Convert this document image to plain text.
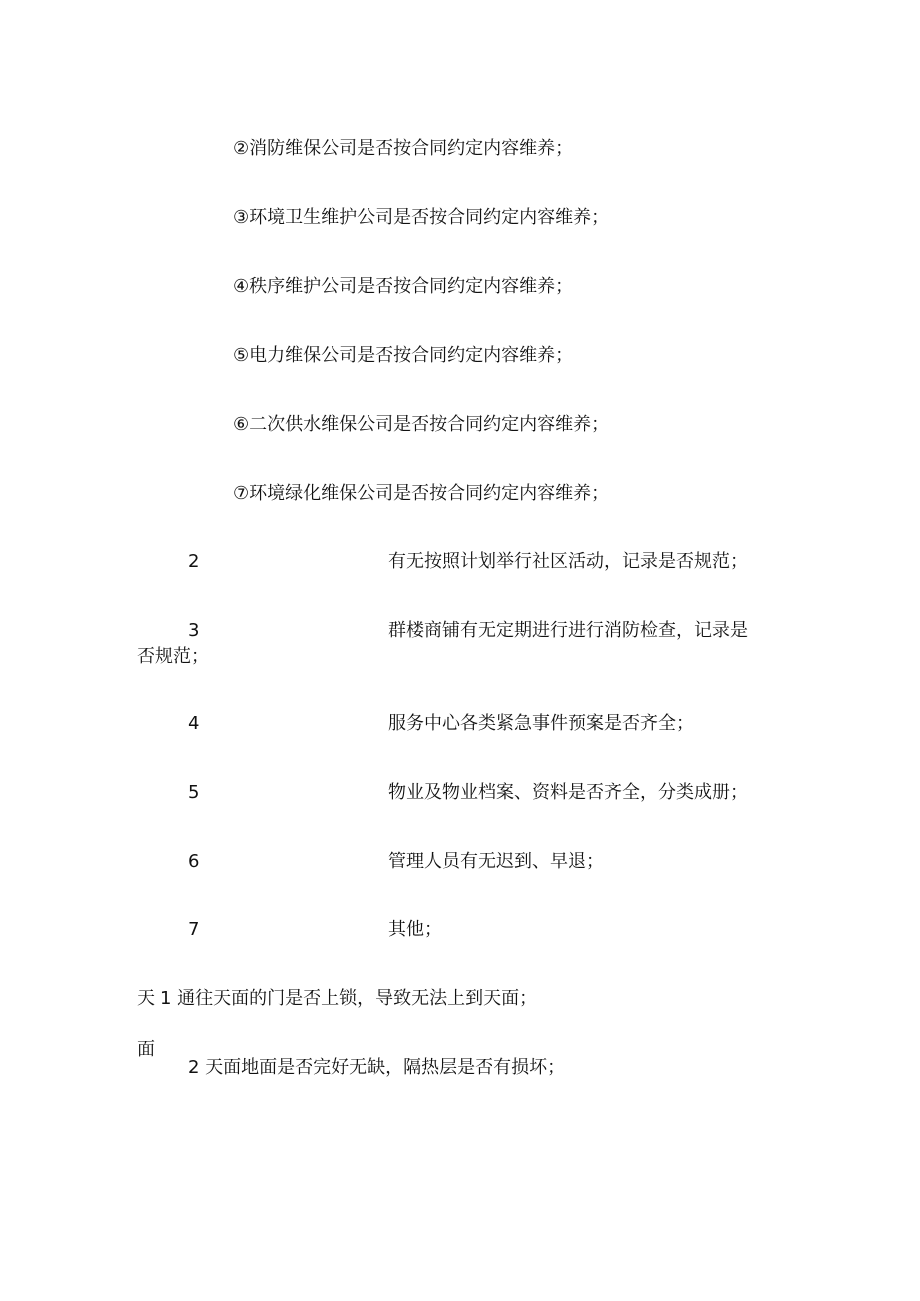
②消防维保公司是否按合同约定内容维养；
③环境卫生维护公司是否按合同约定内容维养；
④秩序维护公司是否按合同约定内容维养；
⑤电力维保公司是否按合同约定内容维养；
⑥二次供水维保公司是否按合同约定内容维养；
⑦环境绿化维保公司是否按合同约定内容维养；
2	有无按照计划举行社区活动，记录是否规范；
3	群楼商铺有无定期进行进行消防检查，记录是
否规范；
4	服务中心各类紧急事件预案是否齐全；
5	物业及物业档案、资料是否齐全，分类成册；
6	管理人员有无迟到、早退；
7	其他；
天 1 通往天面的门是否上锁，导致无法上到天面；
面
2 天面地面是否完好无缺，隔热层是否有损坏；
